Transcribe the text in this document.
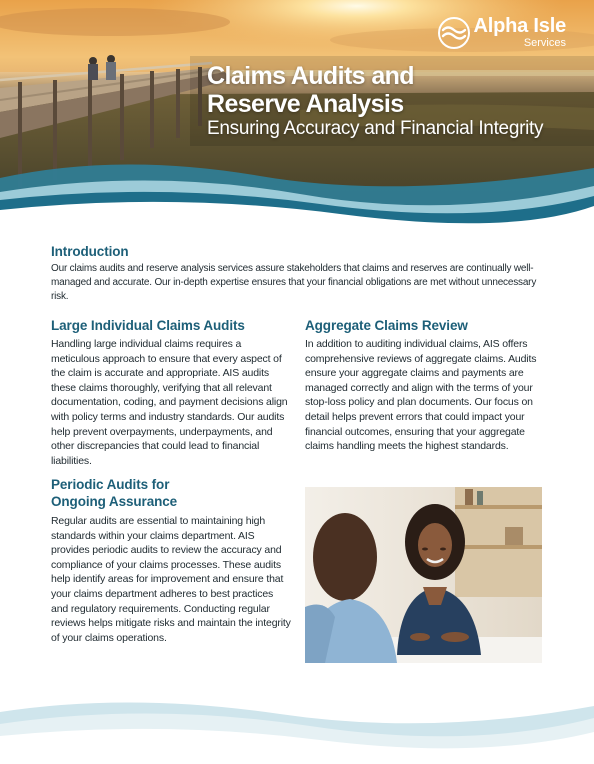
Alpha Isle
Services
Claims Audits and
Reserve Analysis
Ensuring Accuracy and Financial Integrity
Introduction

Our claims audits and reserve analysis services assure stakeholders that claims and reserves are continually well-managed and accurate. Our in-depth expertise ensures that your financial obligations are met without unnecessary risk.

Large Individual Claims Audits

Handling large individual claims requires a meticulous approach to ensure that every aspect of the claim is accurate and appropriate. AIS audits these claims thoroughly, verifying that all relevant documentation, coding, and payment decisions align with policy terms and industry standards. Our audits help prevent overpayments, underpayments, and other discrepancies that could lead to financial liabilities.

Periodic Audits for
Ongoing Assurance

Regular audits are essential to maintaining high standards within your claims department. AIS provides periodic audits to review the accuracy and compliance of your claims processes. These audits help identify areas for improvement and ensure that your claims department adheres to best practices and regulatory requirements. Conducting regular reviews helps mitigate risks and maintain the integrity of your claims operations.

Aggregate Claims Review

In addition to auditing individual claims, AIS offers comprehensive reviews of aggregate claims. Audits ensure your aggregate claims and payments are managed correctly and align with the terms of your stop-loss policy and plan documents. Our focus on detail helps prevent errors that could impact your financial outcomes, ensuring that your aggregate claims handling meets the highest standards.
